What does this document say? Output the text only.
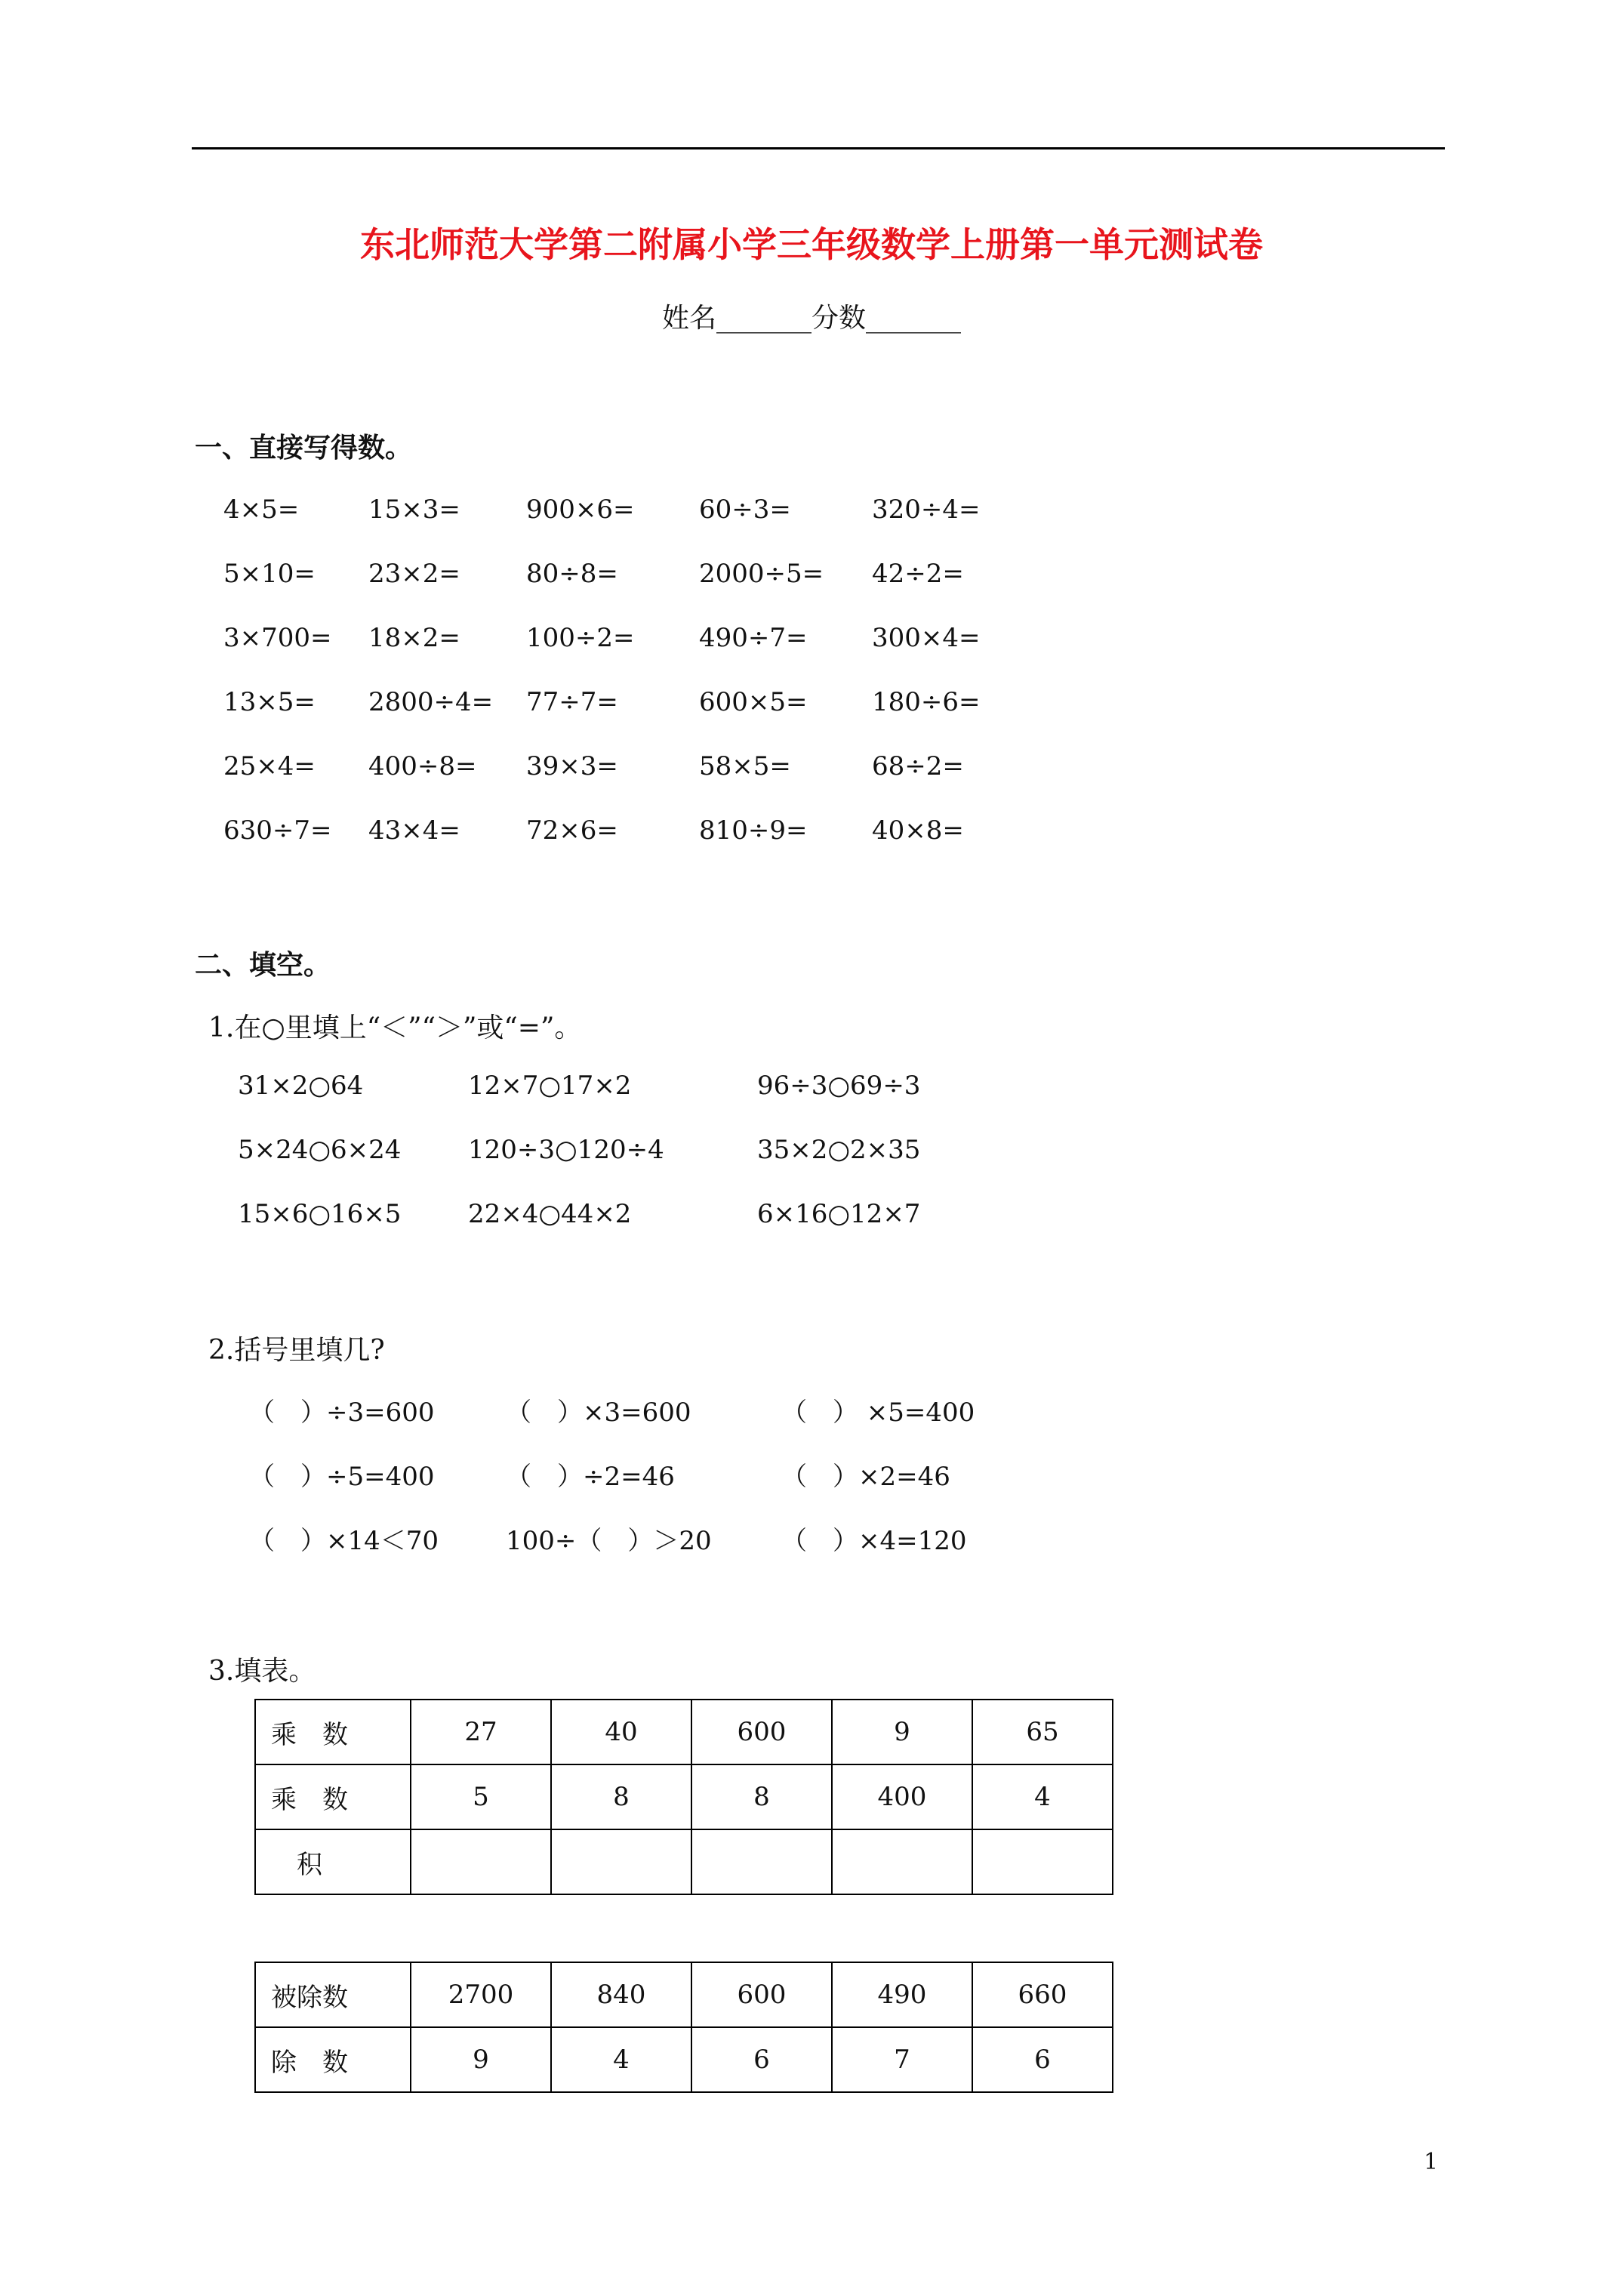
东北师范大学第二附属小学三年级数学上册第一单元测试卷
姓名_______分数_______
一、直接写得数。
4×5=	15×3=	900×6=	60÷3=	320÷4=
5×10= 23×2=	80÷8=	2000÷5= 42÷2=
3×700= 18×2=	100÷2=	490÷7=	300×4=
13×5= 2800÷4= 77÷7=	600×5=	180÷6=
25×4= 400÷8= 39×3=	58×5=	68÷2=
630÷7= 43×4=	72×6=	810÷9=	40×8=
二、填空。
1.在○里填上“＜”“＞”或“=”。
31×2○64	12×7○17×2	96÷3○69÷3
5×24○6×24	120÷3○120÷4	35×2○2×35
15×6○16×5	22×4○44×2	6×16○12×7
2.括号里填几?
（　）÷3=600	（　）×3=600	（　） ×5=400
（　）÷5=400	（　）÷2=46	（　）×2=46
（　）×14＜70	100÷（　）＞20	（　）×4=120
3.填表。
乘　数	27	40	600	9	65
乘　数	5	8	8	400	4
　积					
被除数	2700	840	600	490	660
除　数	9	4	6	7	6
1
